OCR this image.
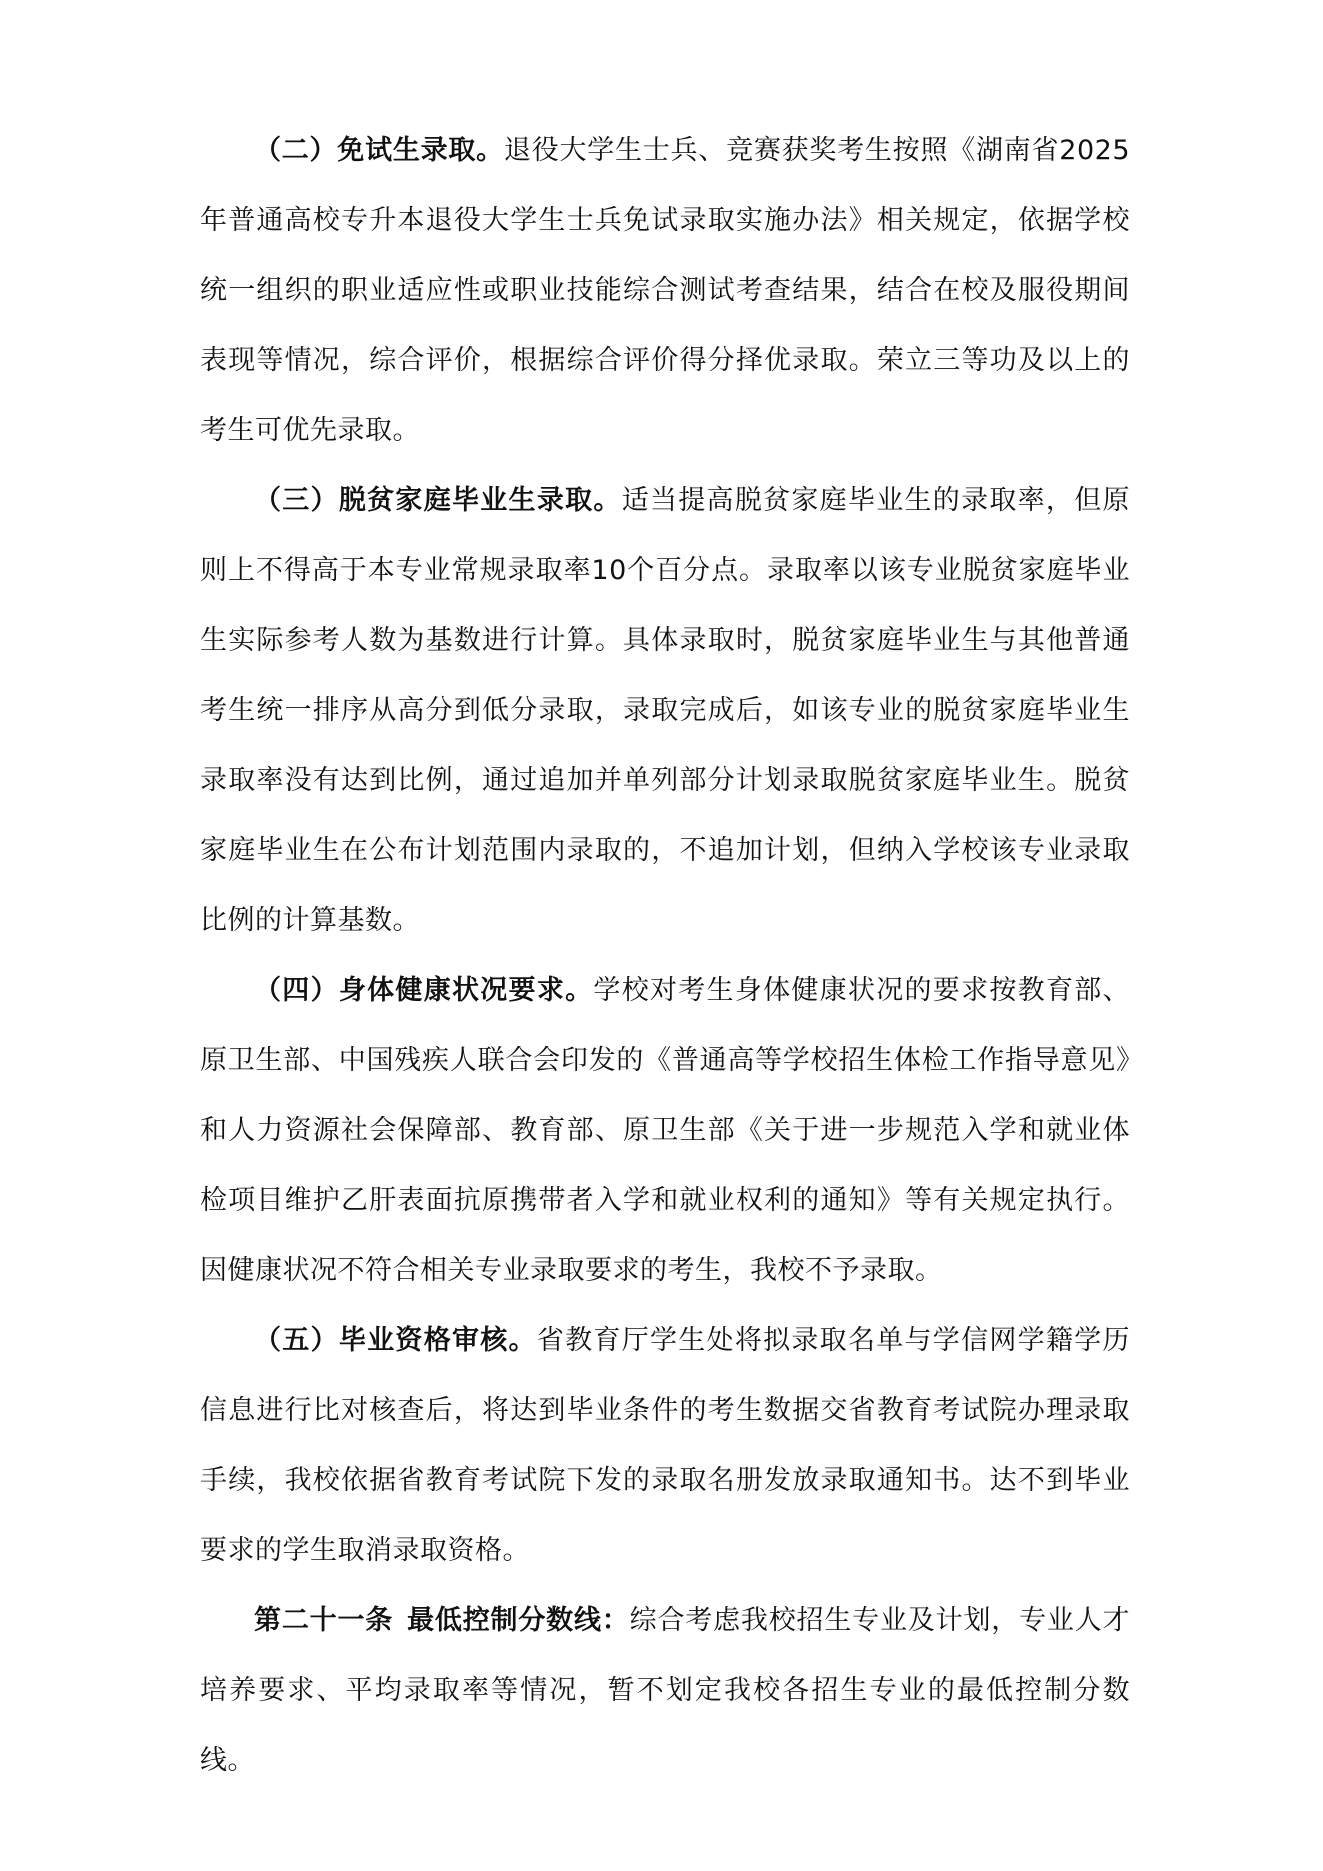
（二）免试生录取。退役大学生士兵、竞赛获奖考生按照《湖南省2025年普通高校专升本退役大学生士兵免试录取实施办法》相关规定，依据学校统一组织的职业适应性或职业技能综合测试考查结果，结合在校及服役期间表现等情况，综合评价，根据综合评价得分择优录取。荣立三等功及以上的考生可优先录取。

（三）脱贫家庭毕业生录取。适当提高脱贫家庭毕业生的录取率，但原则上不得高于本专业常规录取率10个百分点。录取率以该专业脱贫家庭毕业生实际参考人数为基数进行计算。具体录取时，脱贫家庭毕业生与其他普通考生统一排序从高分到低分录取，录取完成后，如该专业的脱贫家庭毕业生录取率没有达到比例，通过追加并单列部分计划录取脱贫家庭毕业生。脱贫家庭毕业生在公布计划范围内录取的，不追加计划，但纳入学校该专业录取比例的计算基数。

（四）身体健康状况要求。学校对考生身体健康状况的要求按教育部、原卫生部、中国残疾人联合会印发的《普通高等学校招生体检工作指导意见》和人力资源社会保障部、教育部、原卫生部《关于进一步规范入学和就业体检项目维护乙肝表面抗原携带者入学和就业权利的通知》等有关规定执行。因健康状况不符合相关专业录取要求的考生，我校不予录取。

（五）毕业资格审核。省教育厅学生处将拟录取名单与学信网学籍学历信息进行比对核查后，将达到毕业条件的考生数据交省教育考试院办理录取手续，我校依据省教育考试院下发的录取名册发放录取通知书。达不到毕业要求的学生取消录取资格。

第二十一条 最低控制分数线：综合考虑我校招生专业及计划，专业人才培养要求、平均录取率等情况，暂不划定我校各招生专业的最低控制分数线。
